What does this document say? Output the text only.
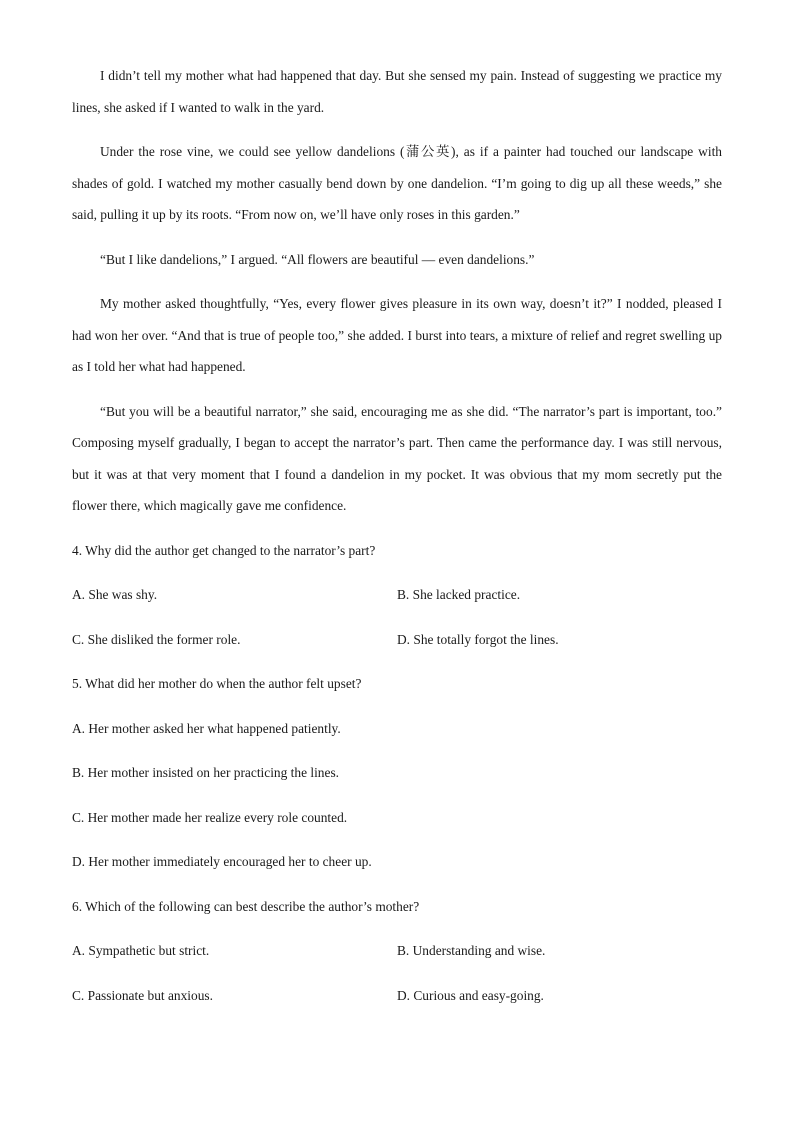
I didn’t tell my mother what had happened that day. But she sensed my pain. Instead of suggesting we practice my lines, she asked if I wanted to walk in the yard.

Under the rose vine, we could see yellow dandelions (蒲公英), as if a painter had touched our landscape with shades of gold. I watched my mother casually bend down by one dandelion. “I’m going to dig up all these weeds,” she said, pulling it up by its roots. “From now on, we’ll have only roses in this garden.”

“But I like dandelions,” I argued. “All flowers are beautiful — even dandelions.”

My mother asked thoughtfully, “Yes, every flower gives pleasure in its own way, doesn’t it?” I nodded, pleased I had won her over. “And that is true of people too,” she added. I burst into tears, a mixture of relief and regret swelling up as I told her what had happened.

“But you will be a beautiful narrator,” she said, encouraging me as she did. “The narrator’s part is important, too.” Composing myself gradually, I began to accept the narrator’s part. Then came the performance day. I was still nervous, but it was at that very moment that I found a dandelion in my pocket. It was obvious that my mom secretly put the flower there, which magically gave me confidence.

4. Why did the author get changed to the narrator’s part?

A. She was shy.	B. She lacked practice.
C. She disliked the former role.	D. She totally forgot the lines.

5. What did her mother do when the author felt upset?

A. Her mother asked her what happened patiently.

B. Her mother insisted on her practicing the lines.

C. Her mother made her realize every role counted.

D. Her mother immediately encouraged her to cheer up.

6. Which of the following can best describe the author’s mother?

A. Sympathetic but strict.	B. Understanding and wise.
C. Passionate but anxious.	D. Curious and easy-going.
